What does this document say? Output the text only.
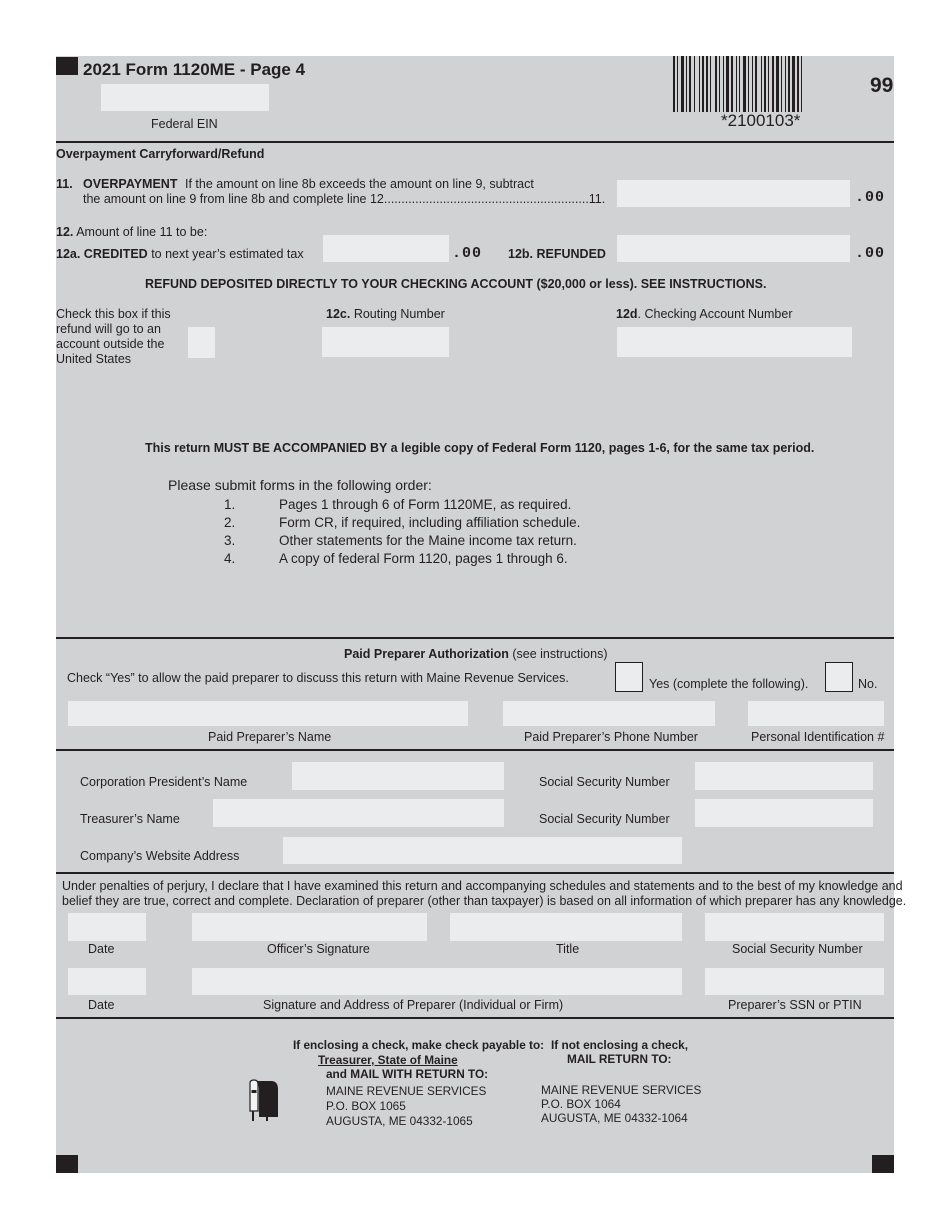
2021 Form 1120ME - Page 4
Federal EIN	*2100103*
99
Overpayment Carryforward/Refund
11. OVERPAYMENT If the amount on line 8b exceeds the amount on line 9, subtract
the amount on line 9 from line 8b and complete line 12...........................................................11.	.00
12. Amount of line 11 to be:
12a. CREDITED to next year’s estimated tax	.00 12b. REFUNDED	.00
REFUND DEPOSITED DIRECTLY TO YOUR CHECKING ACCOUNT ($20,000 or less). SEE INSTRUCTIONS.
Check this box if this
refund will go to an
account outside the
United States
12c. Routing Number	12d. Checking Account Number
This return MUST BE ACCOMPANIED BY a legible copy of Federal Form 1120, pages 1-6, for the same tax period.
Please submit forms in the following order:
1.	Pages 1 through 6 of Form 1120ME, as required.
2.	Form CR, if required, including affiliation schedule.
3.	Other statements for the Maine income tax return.
4.	A copy of federal Form 1120, pages 1 through 6.
Paid Preparer Authorization (see instructions)
Check “Yes” to allow the paid preparer to discuss this return with Maine Revenue Services.	Yes (complete the following).	No.
Paid Preparer’s Name	Paid Preparer’s Phone Number	Personal Identification #
Corporation President’s Name	Social Security Number
Treasurer’s Name	Social Security Number
Company’s Website Address
Under penalties of perjury, I declare that I have examined this return and accompanying schedules and statements and to the best of my knowledge and
belief they are true, correct and complete. Declaration of preparer (other than taxpayer) is based on all information of which preparer has any knowledge.
Date	Officer’s Signature	Title	Social Security Number
Date	Signature and Address of Preparer (Individual or Firm)	Preparer’s SSN or PTIN
If enclosing a check, make check payable to:
Treasurer, State of Maine
and MAIL WITH RETURN TO:
MAINE REVENUE SERVICES
P.O. BOX 1065
AUGUSTA, ME 04332-1065
If not enclosing a check,
MAIL RETURN TO:
MAINE REVENUE SERVICES
P.O. BOX 1064
AUGUSTA, ME 04332-1064
